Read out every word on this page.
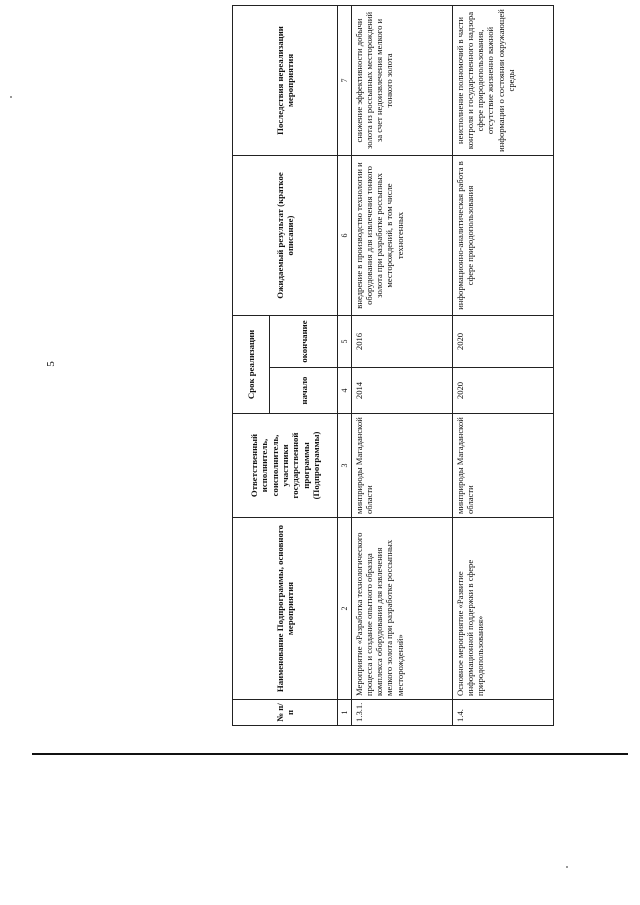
5
№ п/п	Наименование Подпрограммы, основного мероприятия	Ответственный исполнитель, соисполнитель, участники государственной программы (Подпрограммы)	Срок реализации		Ожидаемый результат (краткое описание)	Последствия нереализации мероприятия
			начало	окончание		
1	2	3	4	5	6	7
1.3.1.	Мероприятие «Разработка технологического процесса и создание опытного образца комплекса оборудования для извлечения мелкого золота при разработке россыпных месторождений»	минприроды Магаданской области	2014	2016	внедрение в производство технологии и оборудования для извлечения тонкого золота при разработке россыпных месторождений, в том числе техногенных	снижение эффективности добычи золота из россыпных месторождений за счет недоизвлечения мелкого и тонкого золота
1.4.	Основное мероприятие «Развитие информационной поддержки в сфере природопользования»	минприроды Магаданской области	2020	2020	информационно-аналитическая работа в сфере природопользования	неисполнение полномочий в части контроля и государственного надзора сфере природопользования, отсутствие жизненно важной информации о состоянии окружающей среды
